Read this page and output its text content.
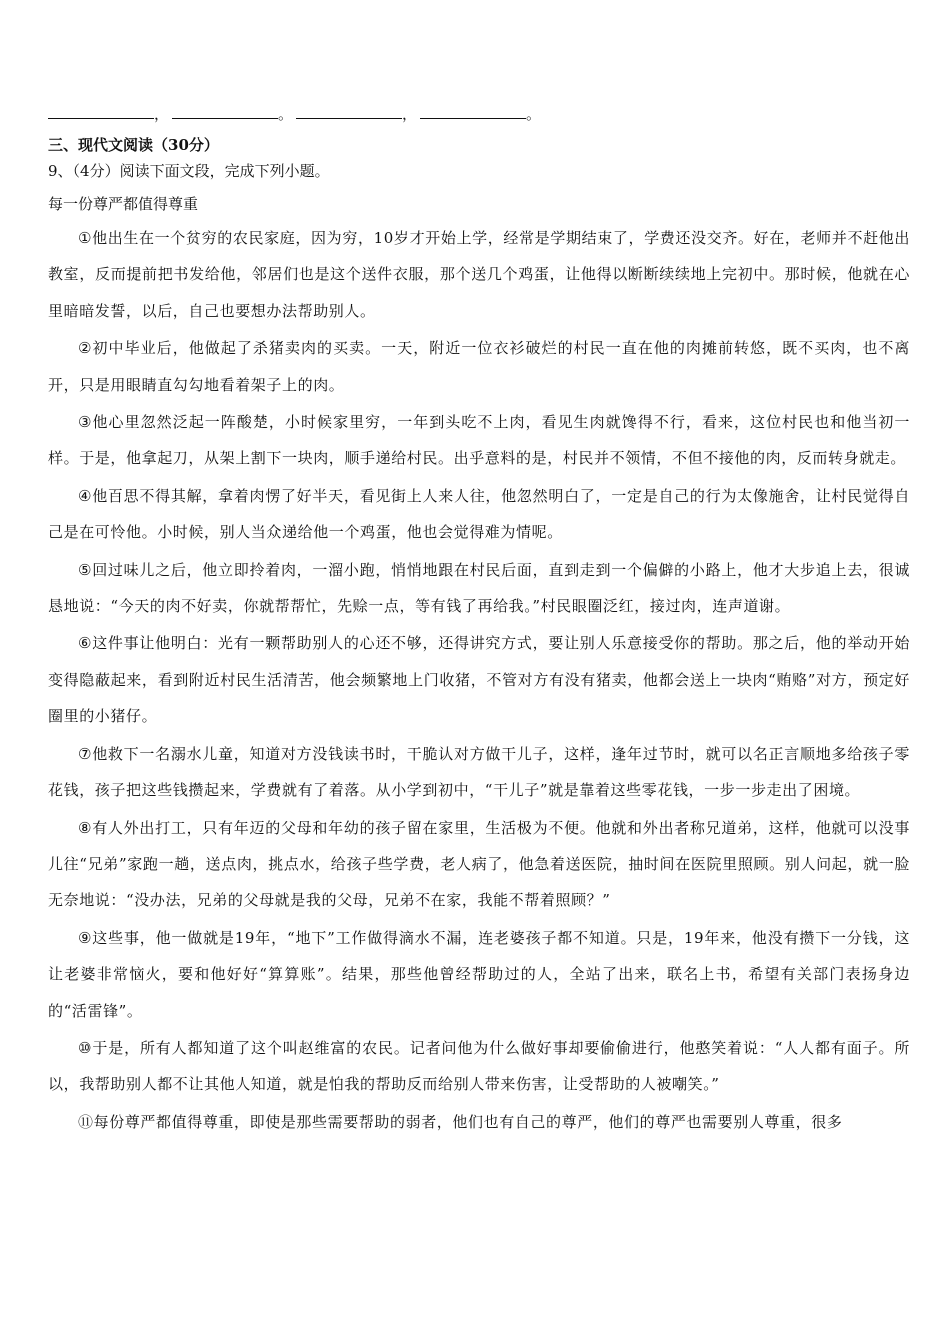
，	。	，	。
三、现代文阅读（30分）
9、（4分）阅读下面文段，完成下列小题。
每一份尊严都值得尊重

①他出生在一个贫穷的农民家庭，因为穷，10岁才开始上学，经常是学期结束了，学费还没交齐。好在，老师并不赶他出教室，反而提前把书发给他，邻居们也是这个送件衣服，那个送几个鸡蛋，让他得以断断续续地上完初中。那时候，他就在心里暗暗发誓，以后，自己也要想办法帮助别人。

②初中毕业后，他做起了杀猪卖肉的买卖。一天，附近一位衣衫破烂的村民一直在他的肉摊前转悠，既不买肉，也不离开，只是用眼睛直勾勾地看着架子上的肉。

③他心里忽然泛起一阵酸楚，小时候家里穷，一年到头吃不上肉，看见生肉就馋得不行，看来，这位村民也和他当初一样。于是，他拿起刀，从架上割下一块肉，顺手递给村民。出乎意料的是，村民并不领情，不但不接他的肉，反而转身就走。

④他百思不得其解，拿着肉愣了好半天，看见街上人来人往，他忽然明白了，一定是自己的行为太像施舍，让村民觉得自己是在可怜他。小时候，别人当众递给他一个鸡蛋，他也会觉得难为情呢。

⑤回过味儿之后，他立即拎着肉，一溜小跑，悄悄地跟在村民后面，直到走到一个偏僻的小路上，他才大步追上去，很诚恳地说：“今天的肉不好卖，你就帮帮忙，先赊一点，等有钱了再给我。”村民眼圈泛红，接过肉，连声道谢。

⑥这件事让他明白：光有一颗帮助别人的心还不够，还得讲究方式，要让别人乐意接受你的帮助。那之后，他的举动开始变得隐蔽起来，看到附近村民生活清苦，他会频繁地上门收猪，不管对方有没有猪卖，他都会送上一块肉“贿赂”对方，预定好圈里的小猪仔。

⑦他救下一名溺水儿童，知道对方没钱读书时，干脆认对方做干儿子，这样，逢年过节时，就可以名正言顺地多给孩子零花钱，孩子把这些钱攒起来，学费就有了着落。从小学到初中，“干儿子”就是靠着这些零花钱，一步一步走出了困境。

⑧有人外出打工，只有年迈的父母和年幼的孩子留在家里，生活极为不便。他就和外出者称兄道弟，这样，他就可以没事儿往“兄弟”家跑一趟，送点肉，挑点水，给孩子些学费，老人病了，他急着送医院，抽时间在医院里照顾。别人问起，就一脸无奈地说：“没办法，兄弟的父母就是我的父母，兄弟不在家，我能不帮着照顾？”

⑨这些事，他一做就是19年，“地下”工作做得滴水不漏，连老婆孩子都不知道。只是，19年来，他没有攒下一分钱，这让老婆非常恼火，要和他好好“算算账”。结果，那些他曾经帮助过的人，全站了出来，联名上书，希望有关部门表扬身边的“活雷锋”。

⑩于是，所有人都知道了这个叫赵维富的农民。记者问他为什么做好事却要偷偷进行，他憨笑着说：“人人都有面子。所以，我帮助别人都不让其他人知道，就是怕我的帮助反而给别人带来伤害，让受帮助的人被嘲笑。”

⑪每份尊严都值得尊重，即使是那些需要帮助的弱者，他们也有自己的尊严，他们的尊严也需要别人尊重，很多
